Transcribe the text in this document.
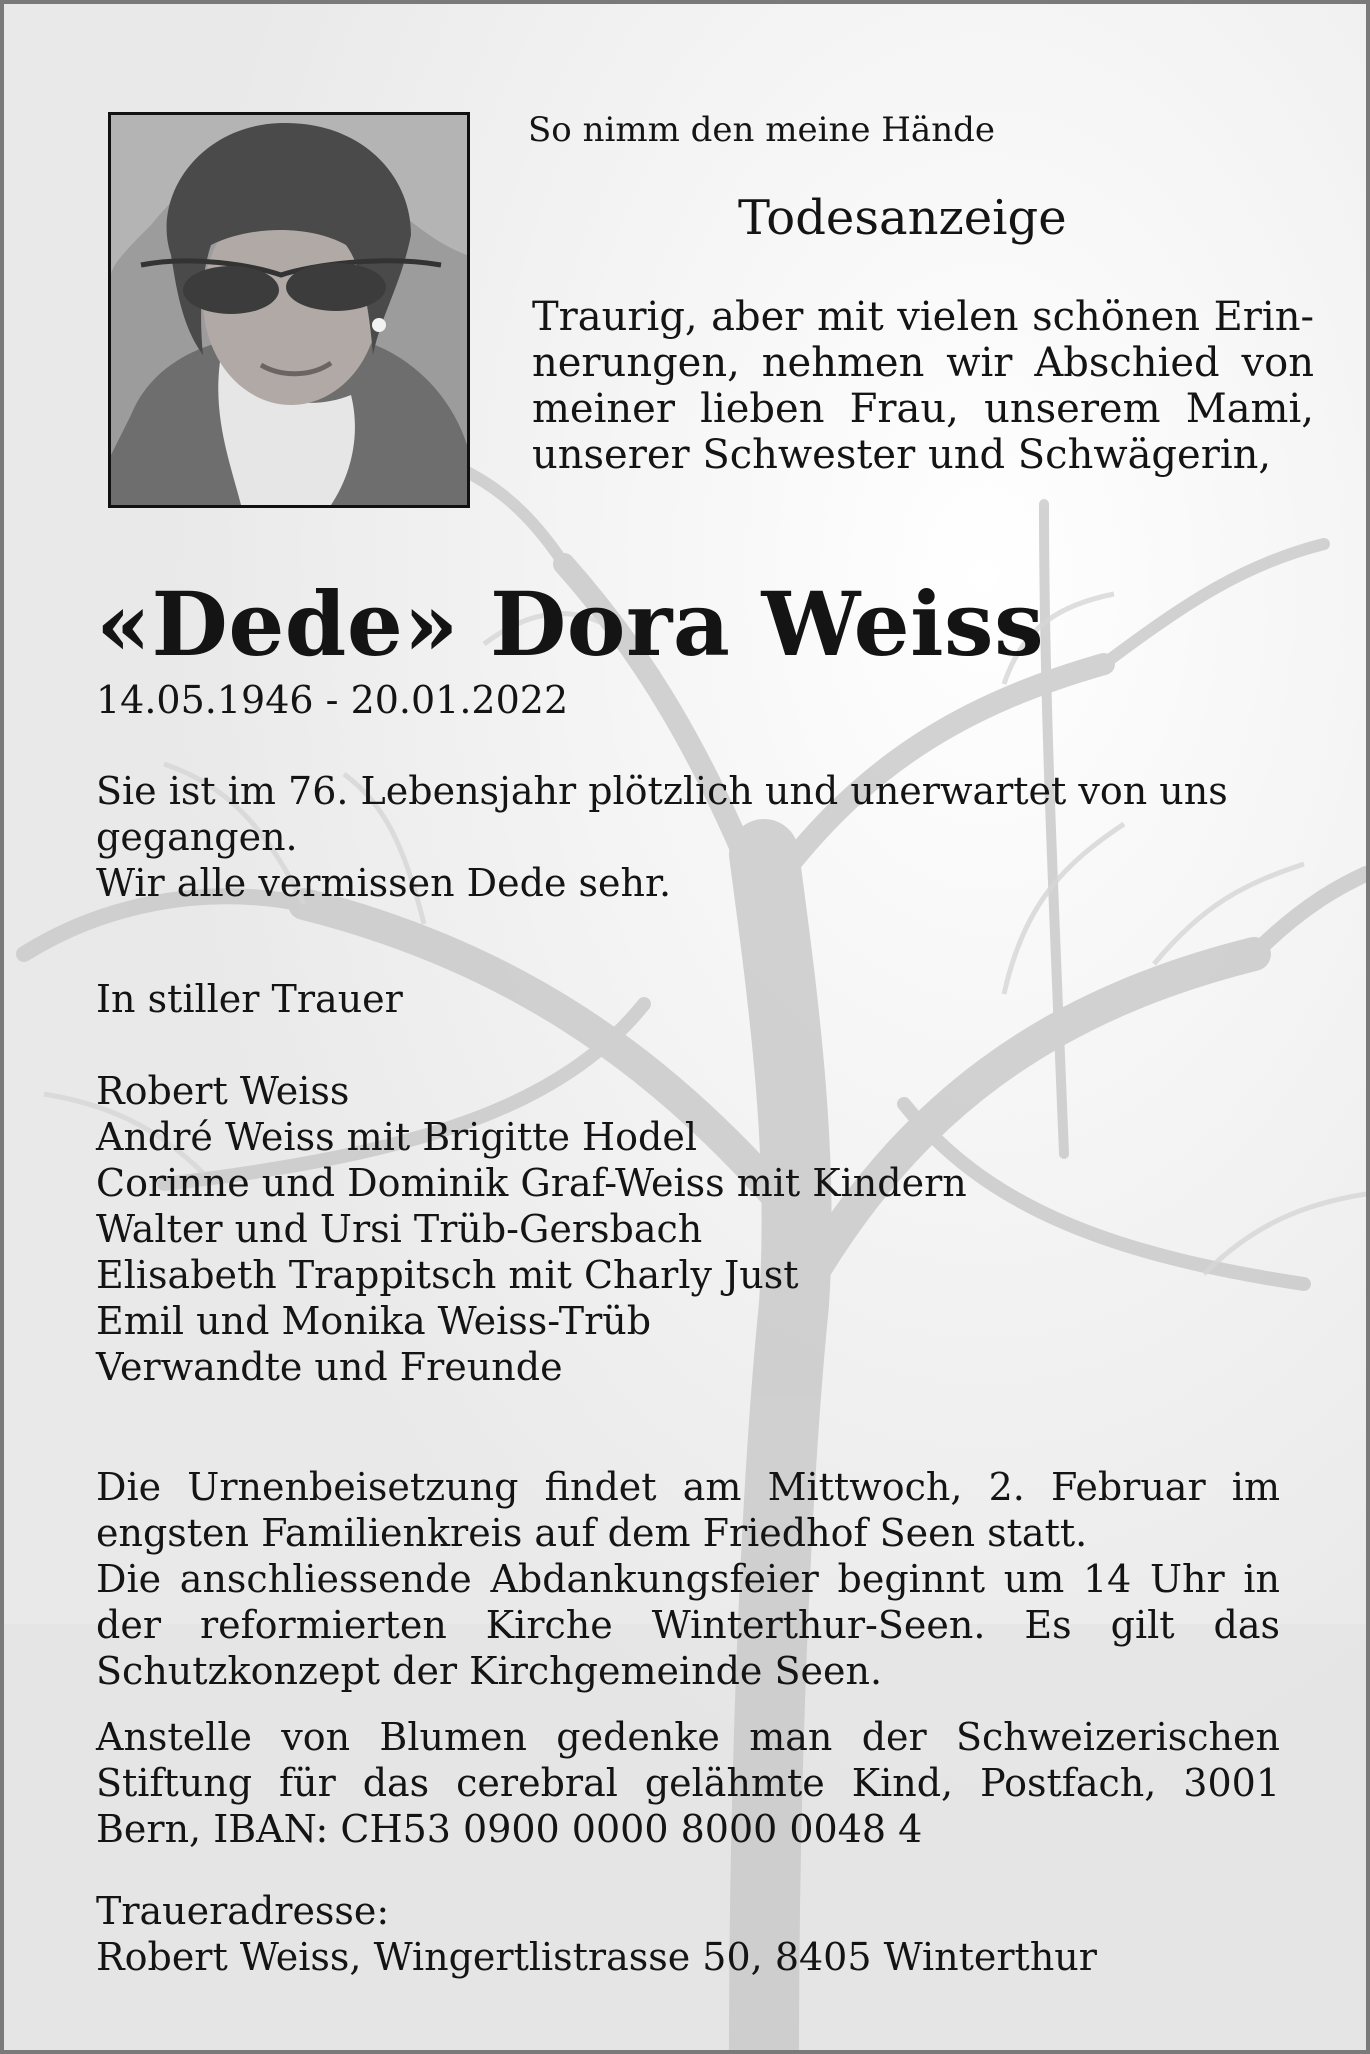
So nimm den meine Hände
Todesanzeige
Traurig, aber mit vielen schönen Erin-
nerungen, nehmen wir Abschied von
meiner lieben Frau, unserem Mami,
unserer Schwester und Schwägerin,
«Dede» Dora Weiss
14.05.1946 - 20.01.2022
Sie ist im 76. Lebensjahr plötzlich und unerwartet von uns
gegangen.
Wir alle vermissen Dede sehr.
In stiller Trauer
Robert Weiss
André Weiss mit Brigitte Hodel
Corinne und Dominik Graf-Weiss mit Kindern
Walter und Ursi Trüb-Gersbach
Elisabeth Trappitsch mit Charly Just
Emil und Monika Weiss-Trüb
Verwandte und Freunde
Die Urnenbeisetzung findet am Mittwoch, 2. Februar im
engsten Familienkreis auf dem Friedhof Seen statt.
Die anschliessende Abdankungsfeier beginnt um 14 Uhr in
der reformierten Kirche Winterthur-Seen. Es gilt das
Schutzkonzept der Kirchgemeinde Seen.
Anstelle von Blumen gedenke man der Schweizerischen
Stiftung für das cerebral gelähmte Kind, Postfach, 3001
Bern, IBAN: CH53 0900 0000 8000 0048 4
Traueradresse:
Robert Weiss, Wingertlistrasse 50, 8405 Winterthur
